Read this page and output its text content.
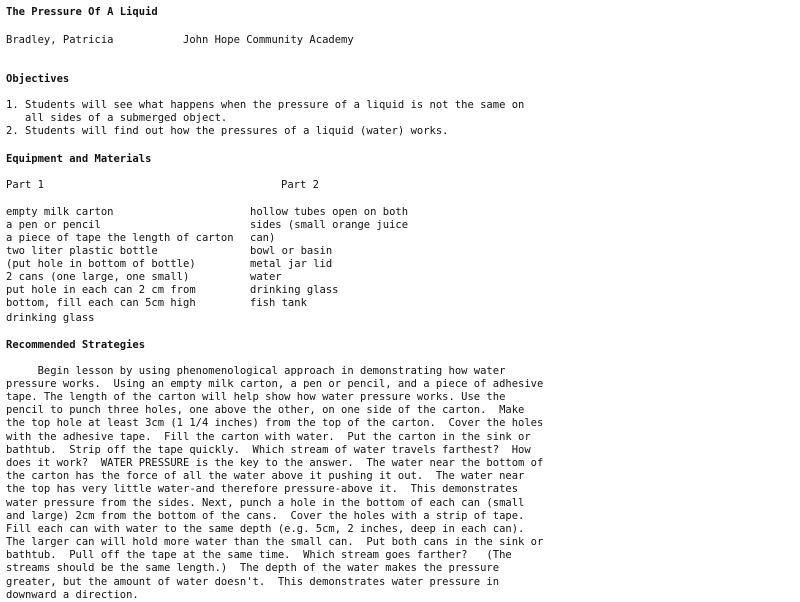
The Pressure Of A Liquid
Bradley, Patricia	John Hope Community Academy
Objectives
1. Students will see what happens when the pressure of a liquid is not the same on
all sides of a submerged object.
2. Students will find out how the pressures of a liquid (water) works.
Equipment and Materials
Part 1	Part 2
empty milk carton
a pen or pencil
a piece of tape the length of carton
two liter plastic bottle
(put hole in bottom of bottle)
2 cans (one large, one small)
put hole in each can 2 cm from
bottom, fill each can 5cm high
drinking glass
hollow tubes open on both
sides (small orange juice
can)
bowl or basin
metal jar lid
water
drinking glass
fish tank
Recommended Strategies
Begin lesson by using phenomenological approach in demonstrating how water
pressure works.  Using an empty milk carton, a pen or pencil, and a piece of adhesive
tape. The length of the carton will help show how water pressure works. Use the
pencil to punch three holes, one above the other, on one side of the carton.  Make
the top hole at least 3cm (1 1/4 inches) from the top of the carton.  Cover the holes
with the adhesive tape.  Fill the carton with water.  Put the carton in the sink or
bathtub.  Strip off the tape quickly.  Which stream of water travels farthest?  How
does it work?  WATER PRESSURE is the key to the answer.  The water near the bottom of
the carton has the force of all the water above it pushing it out.  The water near
the top has very little water-and therefore pressure-above it.  This demonstrates
water pressure from the sides. Next, punch a hole in the bottom of each can (small
and large) 2cm from the bottom of the cans.  Cover the holes with a strip of tape.
Fill each can with water to the same depth (e.g. 5cm, 2 inches, deep in each can).
The larger can will hold more water than the small can.  Put both cans in the sink or
bathtub.  Pull off the tape at the same time.  Which stream goes farther?   (The
streams should be the same length.)  The depth of the water makes the pressure
greater, but the amount of water doesn't.  This demonstrates water pressure in
downward a direction.
